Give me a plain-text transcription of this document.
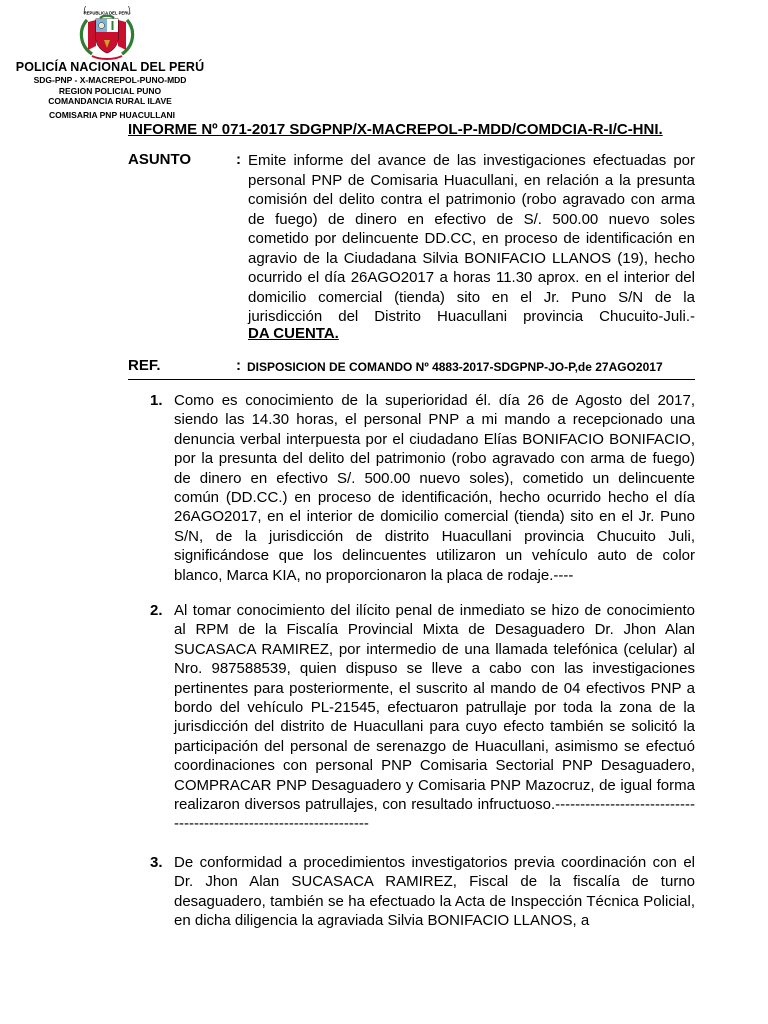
REPUBLICA DEL PERU
POLICÍA NACIONAL DEL PERÚ
SDG-PNP - X-MACREPOL-PUNO-MDD
REGION POLICIAL PUNO
COMANDANCIA RURAL ILAVE
COMISARIA PNP HUACULLANI
INFORME Nº 071-2017 SDGPNP/X-MACREPOL-P-MDD/COMDCIA-R-I/C-HNI.
ASUNTO	: Emite informe del avance de las investigaciones efectuadas por personal PNP de Comisaria Huacullani, en relación a la presunta comisión del delito contra el patrimonio (robo agravado con arma de fuego) de dinero en efectivo de S/. 500.00 nuevo soles cometido por delincuente DD.CC, en proceso de identificación en agravio de la Ciudadana Silvia BONIFACIO LLANOS (19), hecho ocurrido el día 26AGO2017 a horas 11.30 aprox. en el interior del domicilio comercial (tienda) sito en el Jr. Puno S/N de la jurisdicción del Distrito Huacullani provincia Chucuito-Juli.-
DA CUENTA.
REF.	: DISPOSICION DE COMANDO Nº 4883-2017-SDGPNP-JO-P,de 27AGO2017
1. Como es conocimiento de la superioridad él. día 26 de Agosto del 2017, siendo las 14.30 horas, el personal PNP a mi mando a recepcionado una denuncia verbal interpuesta por el ciudadano Elías BONIFACIO BONIFACIO, por la presunta del delito del patrimonio (robo agravado con arma de fuego) de dinero en efectivo S/. 500.00 nuevo soles), cometido un delincuente común (DD.CC.) en proceso de identificación, hecho ocurrido hecho el día 26AGO2017, en el interior de domicilio comercial (tienda) sito en el Jr. Puno S/N, de la jurisdicción de distrito Huacullani provincia Chucuito Juli, significándose que los delincuentes utilizaron un vehículo auto de color blanco, Marca KIA, no proporcionaron la placa de rodaje.----
2. Al tomar conocimiento del ilícito penal de inmediato se hizo de conocimiento al RPM de la Fiscalía Provincial Mixta de Desaguadero Dr. Jhon Alan SUCASACA RAMIREZ, por intermedio de una llamada telefónica (celular) al Nro. 987588539, quien dispuso se lleve a cabo con las investigaciones pertinentes para posteriormente, el suscrito al mando de 04 efectivos PNP a bordo del vehículo PL-21545, efectuaron patrullaje por toda la zona de la jurisdicción del distrito de Huacullani para cuyo efecto también se solicitó la participación del personal de serenazgo de Huacullani, asimismo se efectuó coordinaciones con personal PNP Comisaria Sectorial PNP Desaguadero, COMPRACAR PNP Desaguadero y Comisaria PNP Mazocruz, de igual forma realizaron diversos patrullajes, con resultado infructuoso.-------------------------------------------------------------------
3. De conformidad a procedimientos investigatorios previa coordinación con el Dr. Jhon Alan SUCASACA RAMIREZ, Fiscal de la fiscalía de turno desaguadero, también se ha efectuado la Acta de Inspección Técnica Policial, en dicha diligencia la agraviada Silvia BONIFACIO LLANOS, a
